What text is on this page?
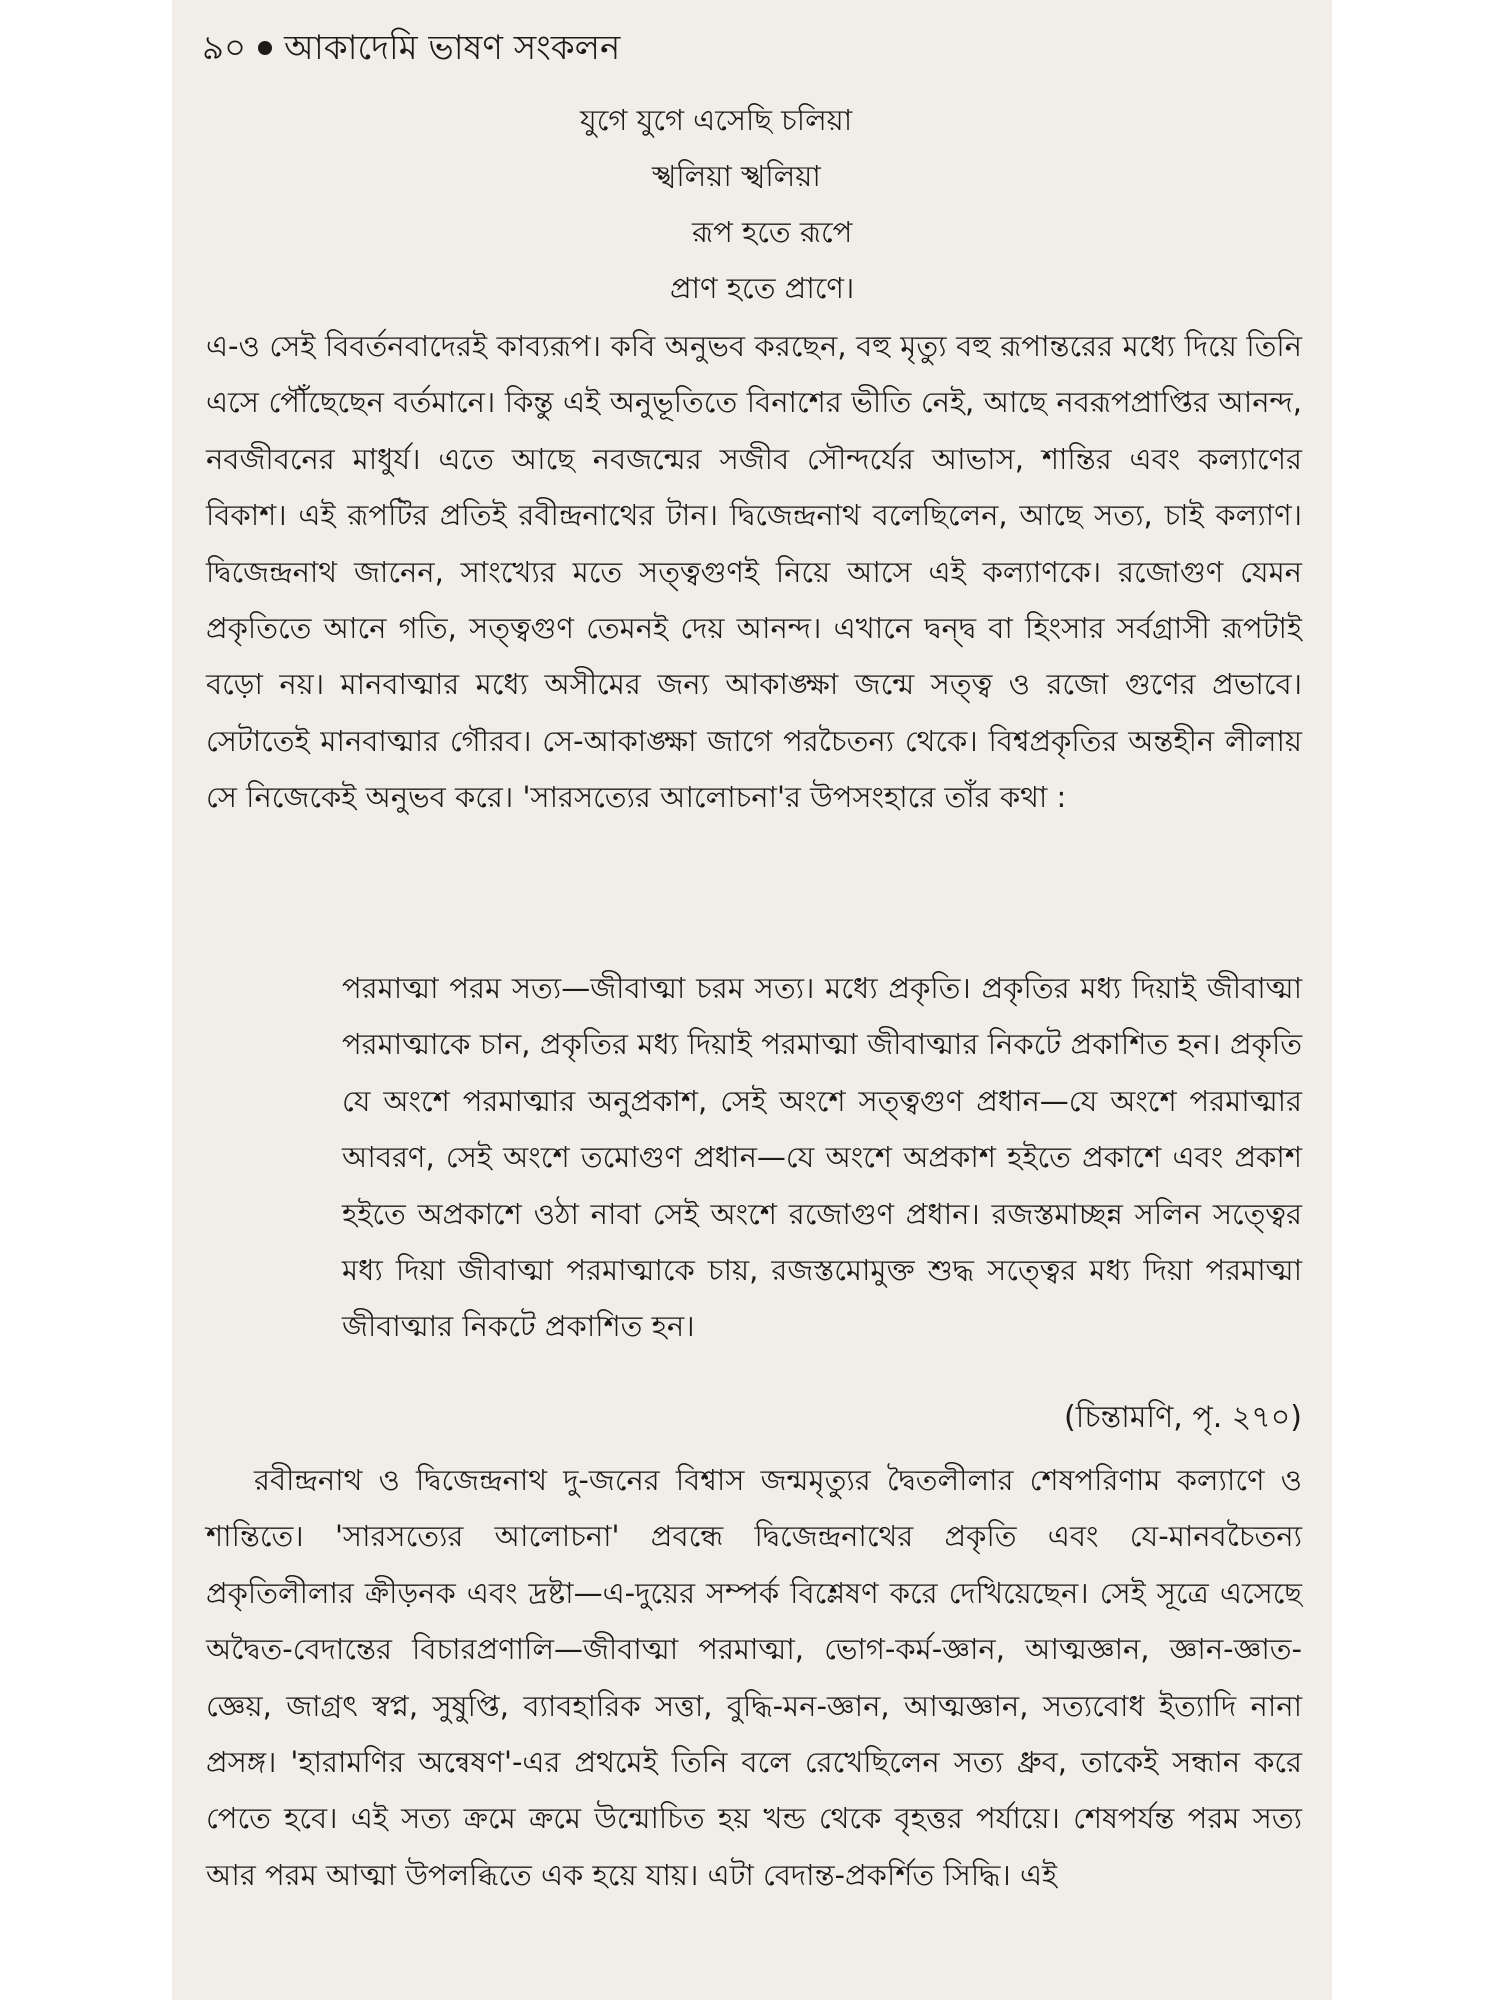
৯০ আকাদেমি ভাষণ সংকলন
যুগে যুগে এসেছি চলিয়া
স্খলিয়া স্খলিয়া
রূপ হতে রূপে
প্রাণ হতে প্রাণে।

এ-ও সেই বিবর্তনবাদেরই কাব্যরূপ। কবি অনুভব করছেন, বহু মৃত্যু বহু রূপান্তরের মধ্যে দিয়ে তিনি এসে পৌঁছেছেন বর্তমানে। কিন্তু এই অনুভূতিতে বিনাশের ভীতি নেই, আছে নবরূপপ্রাপ্তির আনন্দ, নবজীবনের মাধুর্য। এতে আছে নবজন্মের সজীব সৌন্দর্যের আভাস, শান্তির এবং কল্যাণের বিকাশ। এই রূপটির প্রতিই রবীন্দ্রনাথের টান। দ্বিজেন্দ্রনাথ বলেছিলেন, আছে সত্য, চাই কল্যাণ। দ্বিজেন্দ্রনাথ জানেন, সাংখ্যের মতে সত্ত্বগুণই নিয়ে আসে এই কল্যাণকে। রজোগুণ যেমন প্রকৃতিতে আনে গতি, সত্ত্বগুণ তেমনই দেয় আনন্দ। এখানে দ্বন্দ্ব বা হিংসার সর্বগ্রাসী রূপটাই বড়ো নয়। মানবাত্মার মধ্যে অসীমের জন্য আকাঙ্ক্ষা জন্মে সত্ত্ব ও রজো গুণের প্রভাবে। সেটাতেই মানবাত্মার গৌরব। সে-আকাঙ্ক্ষা জাগে পরচৈতন্য থেকে। বিশ্বপ্রকৃতির অন্তহীন লীলায় সে নিজেকেই অনুভব করে। 'সারসত্যের আলোচনা'র উপসংহারে তাঁর কথা :

পরমাত্মা পরম সত্য—জীবাত্মা চরম সত্য। মধ্যে প্রকৃতি। প্রকৃতির মধ্য দিয়াই জীবাত্মা পরমাত্মাকে চান, প্রকৃতির মধ্য দিয়াই পরমাত্মা জীবাত্মার নিকটে প্রকাশিত হন। প্রকৃতি যে অংশে পরমাত্মার অনুপ্রকাশ, সেই অংশে সত্ত্বগুণ প্রধান—যে অংশে পরমাত্মার আবরণ, সেই অংশে তমোগুণ প্রধান—যে অংশে অপ্রকাশ হইতে প্রকাশে এবং প্রকাশ হইতে অপ্রকাশে ওঠা নাবা সেই অংশে রজোগুণ প্রধান। রজস্তমাচ্ছন্ন সলিন সত্ত্বের মধ্য দিয়া জীবাত্মা পরমাত্মাকে চায়, রজস্তমোমুক্ত শুদ্ধ সত্ত্বের মধ্য দিয়া পরমাত্মা জীবাত্মার নিকটে প্রকাশিত হন।

(চিন্তামণি, পৃ. ২৭০)

রবীন্দ্রনাথ ও দ্বিজেন্দ্রনাথ দু-জনের বিশ্বাস জন্মমৃত্যুর দ্বৈতলীলার শেষপরিণাম কল্যাণে ও শান্তিতে। 'সারসত্যের আলোচনা' প্রবন্ধে দ্বিজেন্দ্রনাথের প্রকৃতি এবং যে-মানবচৈতন্য প্রকৃতিলীলার ক্রীড়নক এবং দ্রষ্টা—এ-দুয়ের সম্পর্ক বিশ্লেষণ করে দেখিয়েছেন। সেই সূত্রে এসেছে অদ্বৈত-বেদান্তের বিচারপ্রণালি—জীবাত্মা পরমাত্মা, ভোগ-কর্ম-জ্ঞান, আত্মজ্ঞান, জ্ঞান-জ্ঞাত-জ্ঞেয়, জাগ্রৎ স্বপ্ন, সুষুপ্তি, ব্যাবহারিক সত্তা, বুদ্ধি-মন-জ্ঞান, আত্মজ্ঞান, সত্যবোধ ইত্যাদি নানা প্রসঙ্গ। 'হারামণির অন্বেষণ'-এর প্রথমেই তিনি বলে রেখেছিলেন সত্য ধ্রুব, তাকেই সন্ধান করে পেতে হবে। এই সত্য ক্রমে ক্রমে উন্মোচিত হয় খন্ড থেকে বৃহত্তর পর্যায়ে। শেষপর্যন্ত পরম সত্য আর পরম আত্মা উপলব্ধিতে এক হয়ে যায়। এটা বেদান্ত-প্রকর্শিত সিদ্ধি। এই
